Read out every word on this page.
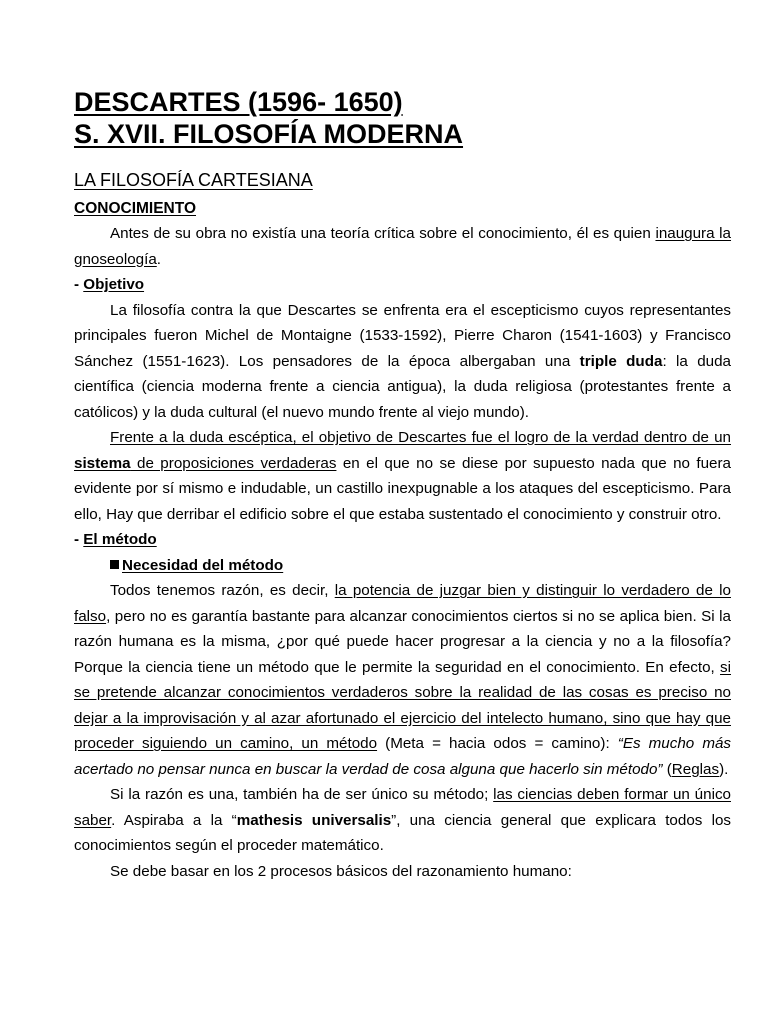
DESCARTES (1596- 1650)
S. XVII. FILOSOFÍA MODERNA
LA FILOSOFÍA CARTESIANA
CONOCIMIENTO

Antes de su obra no existía una teoría crítica sobre el conocimiento, él es quien inaugura la gnoseología.

- Objetivo

La filosofía contra la que Descartes se enfrenta era el escepticismo cuyos representantes principales fueron Michel de Montaigne (1533-1592), Pierre Charon (1541-1603) y Francisco Sánchez (1551-1623). Los pensadores de la época albergaban una triple duda: la duda científica (ciencia moderna frente a ciencia antigua), la duda religiosa (protestantes frente a católicos) y la duda cultural (el nuevo mundo frente al viejo mundo).

Frente a la duda escéptica, el objetivo de Descartes fue el logro de la verdad dentro de un sistema de proposiciones verdaderas en el que no se diese por supuesto nada que no fuera evidente por sí mismo e indudable, un castillo inexpugnable a los ataques del escepticismo. Para ello, Hay que derribar el edificio sobre el que estaba sustentado el conocimiento y construir otro.

- El método
Necesidad del método

Todos tenemos razón, es decir, la potencia de juzgar bien y distinguir lo verdadero de lo falso, pero no es garantía bastante para alcanzar conocimientos ciertos si no se aplica bien. Si la razón humana es la misma, ¿por qué puede hacer progresar a la ciencia y no a la filosofía? Porque la ciencia tiene un método que le permite la seguridad en el conocimiento. En efecto, si se pretende alcanzar conocimientos verdaderos sobre la realidad de las cosas es preciso no dejar a la improvisación y al azar afortunado el ejercicio del intelecto humano, sino que hay que proceder siguiendo un camino, un método (Meta = hacia odos = camino): “Es mucho más acertado no pensar nunca en buscar la verdad de cosa alguna que hacerlo sin método” (Reglas).

Si la razón es una, también ha de ser único su método; las ciencias deben formar un único saber. Aspiraba a la “mathesis universalis”, una ciencia general que explicara todos los conocimientos según el proceder matemático.

Se debe basar en los 2 procesos básicos del razonamiento humano:
